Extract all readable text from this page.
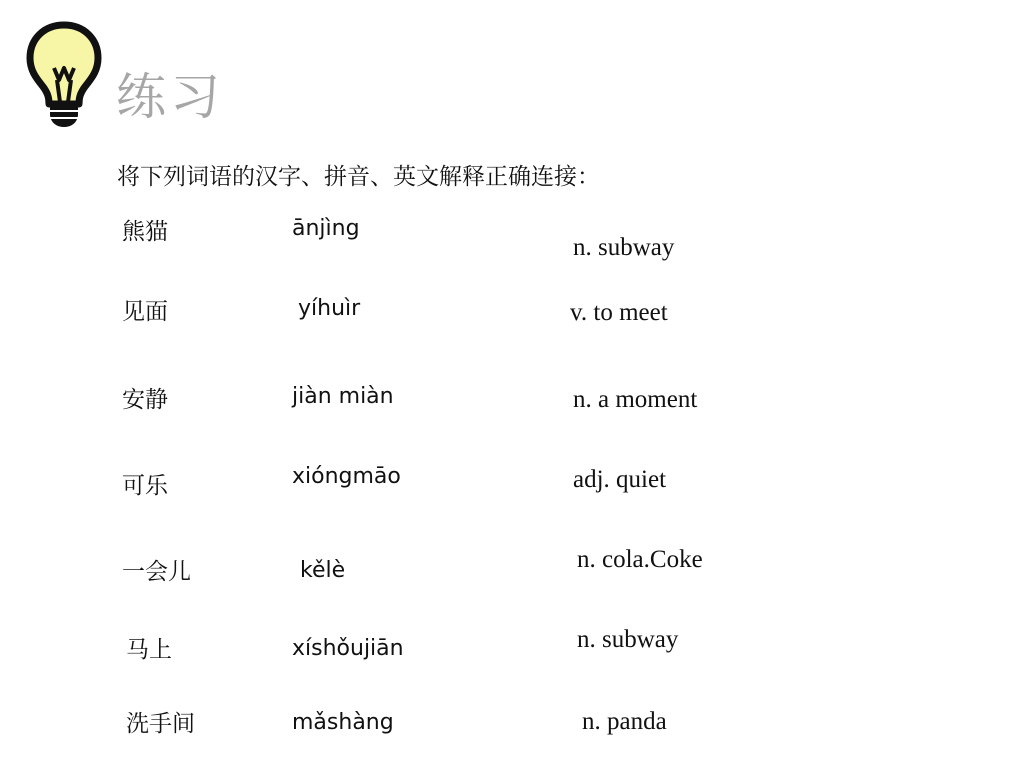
练习
将下列词语的汉字、拼音、英文解释正确连接：
熊猫
见面
安静
可乐
一会儿
马上
洗手间
ānjìng
yíhuìr
jiàn miàn
xióngmāo
kělè
xíshǒujiān
mǎshàng
n. subway
v. to meet
n. a moment
adj. quiet
n. cola.Coke
n. subway
n. panda
